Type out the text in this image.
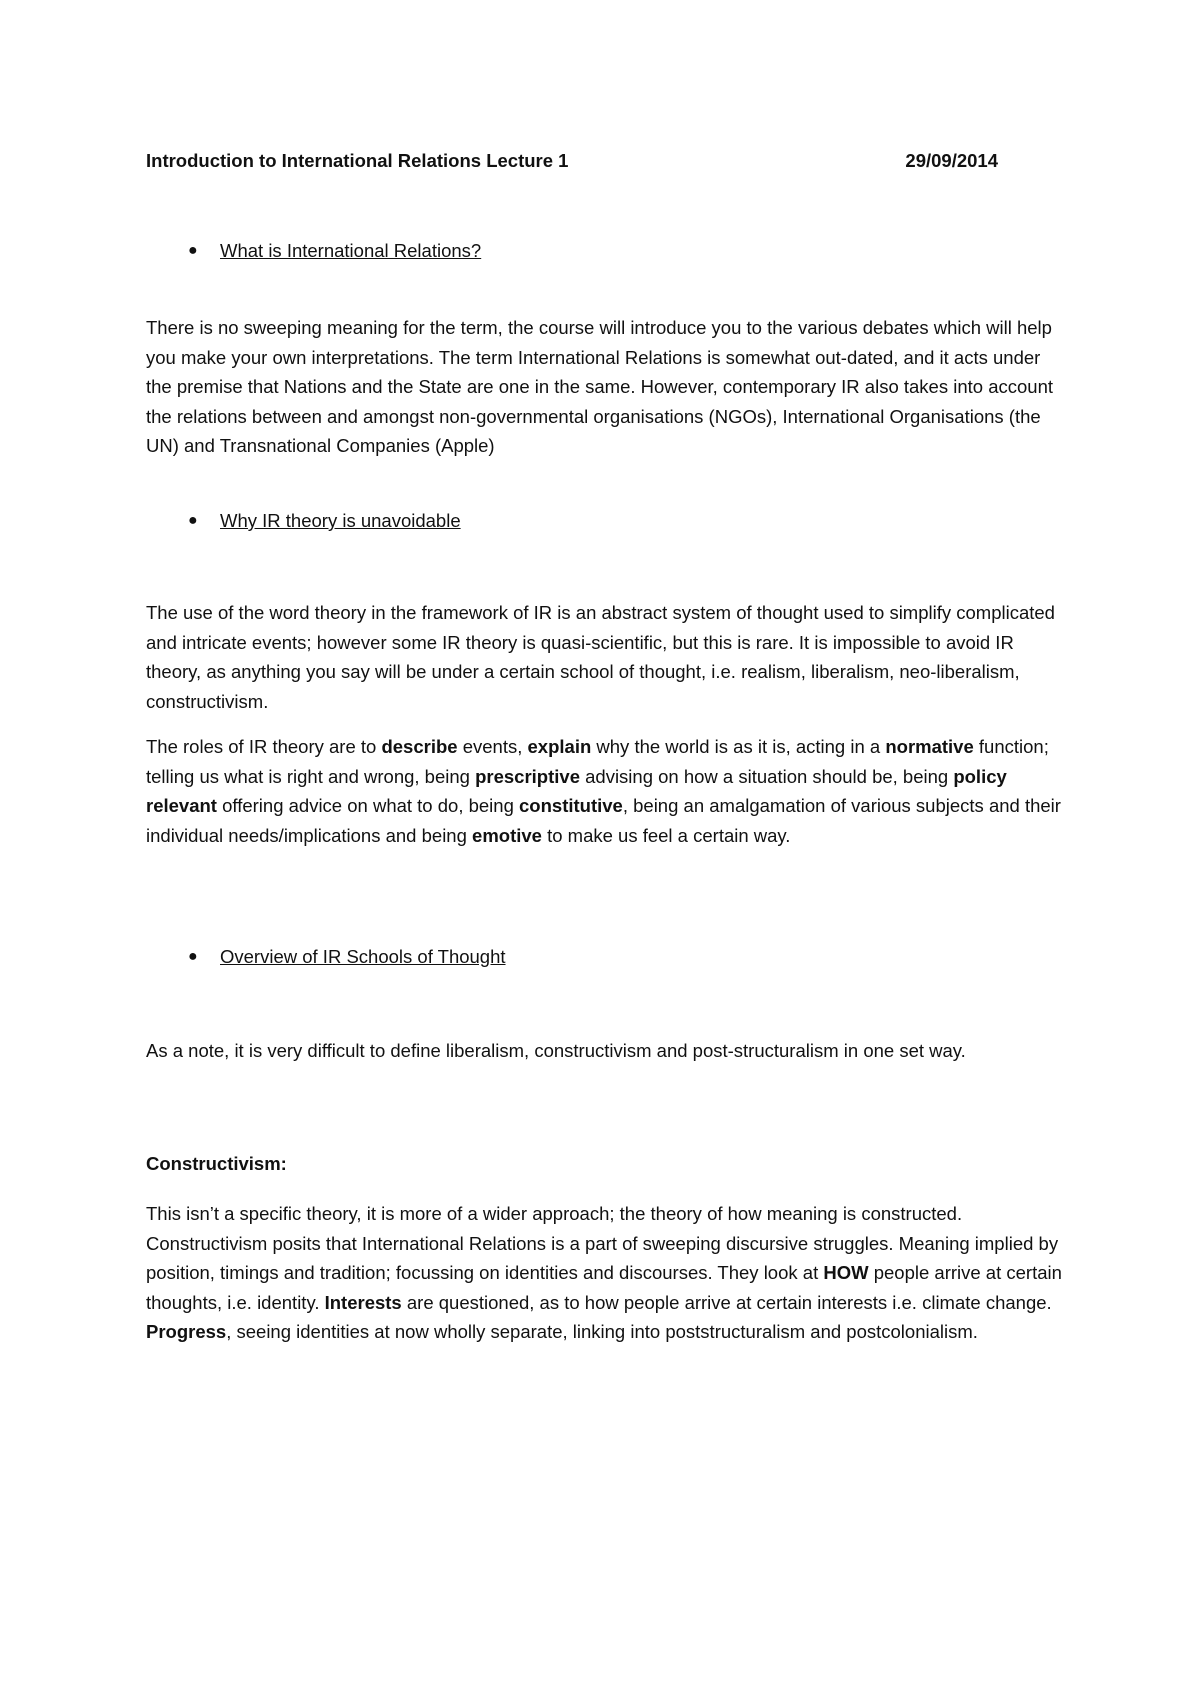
Introduction to International Relations Lecture 1	29/09/2014
● What is International Relations?

There is no sweeping meaning for the term, the course will introduce you to the various debates which will help you make your own interpretations. The term International Relations is somewhat out-dated, and it acts under the premise that Nations and the State are one in the same. However, contemporary IR also takes into account the relations between and amongst non-governmental organisations (NGOs), International Organisations (the UN) and Transnational Companies (Apple)

● Why IR theory is unavoidable

The use of the word theory in the framework of IR is an abstract system of thought used to simplify complicated and intricate events; however some IR theory is quasi-scientific, but this is rare. It is impossible to avoid IR theory, as anything you say will be under a certain school of thought, i.e. realism, liberalism, neo-liberalism, constructivism.

The roles of IR theory are to describe events, explain why the world is as it is, acting in a normative function; telling us what is right and wrong, being prescriptive advising on how a situation should be, being policy relevant offering advice on what to do, being constitutive, being an amalgamation of various subjects and their individual needs/implications and being emotive to make us feel a certain way.

● Overview of IR Schools of Thought

As a note, it is very difficult to define liberalism, constructivism and post-structuralism in one set way.

Constructivism:

This isn’t a specific theory, it is more of a wider approach; the theory of how meaning is constructed. Constructivism posits that International Relations is a part of sweeping discursive struggles. Meaning implied by position, timings and tradition; focussing on identities and discourses. They look at HOW people arrive at certain thoughts, i.e. identity. Interests are questioned, as to how people arrive at certain interests i.e. climate change. Progress, seeing identities at now wholly separate, linking into poststructuralism and postcolonialism.
